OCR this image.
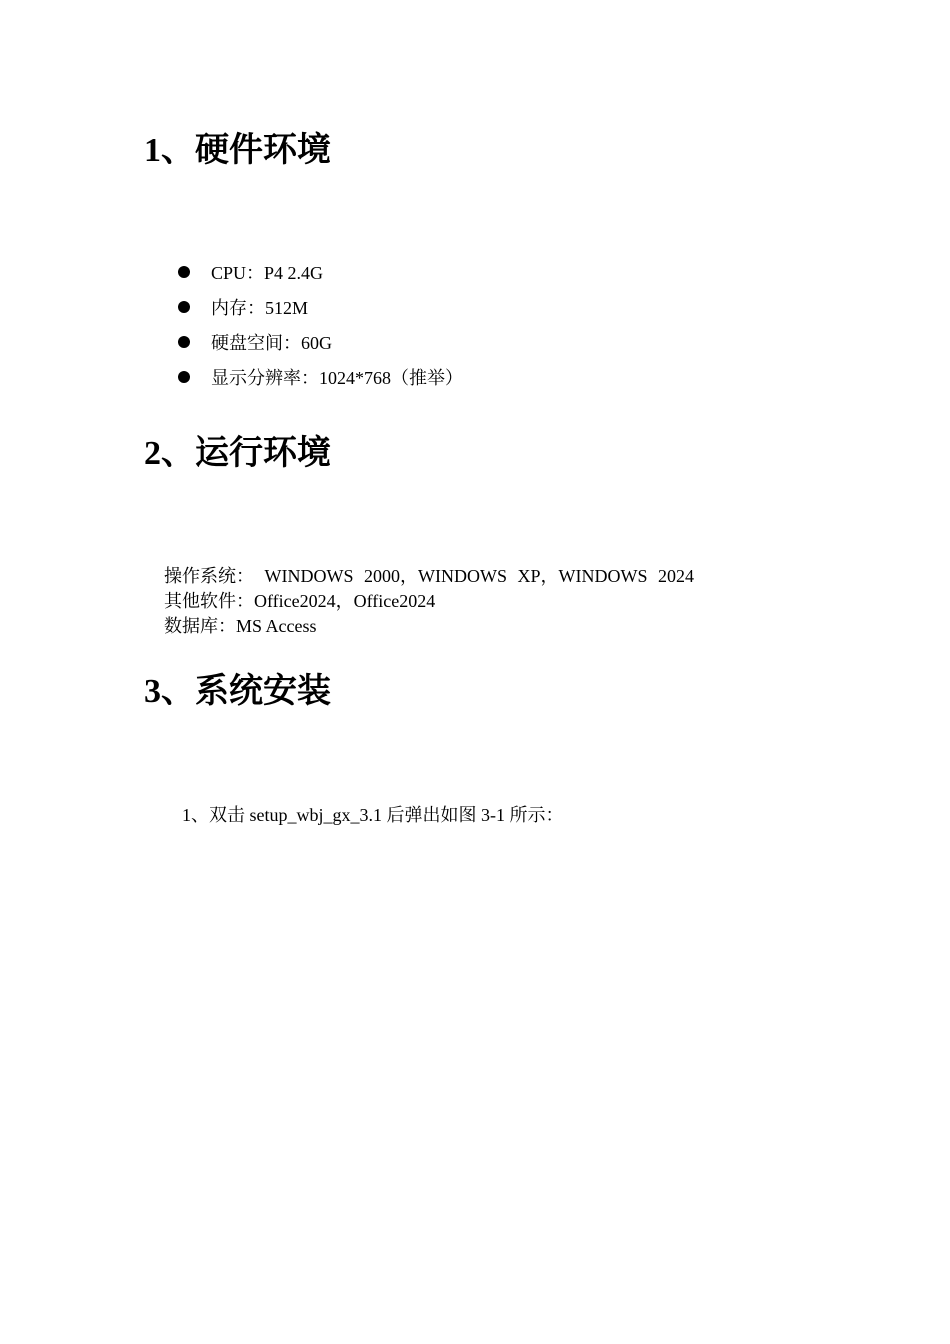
1、硬件环境
CPU：P4 2.4G
内存：512M
硬盘空间：60G
显示分辨率：1024*768（推举）
2、运行环境
操作系统： WINDOWS 2000，WINDOWS XP，WINDOWS 2024
其他软件：Office2024，Office2024
数据库：MS Access
3、系统安装
1、双击 setup_wbj_gx_3.1 后弹出如图 3-1 所示：
